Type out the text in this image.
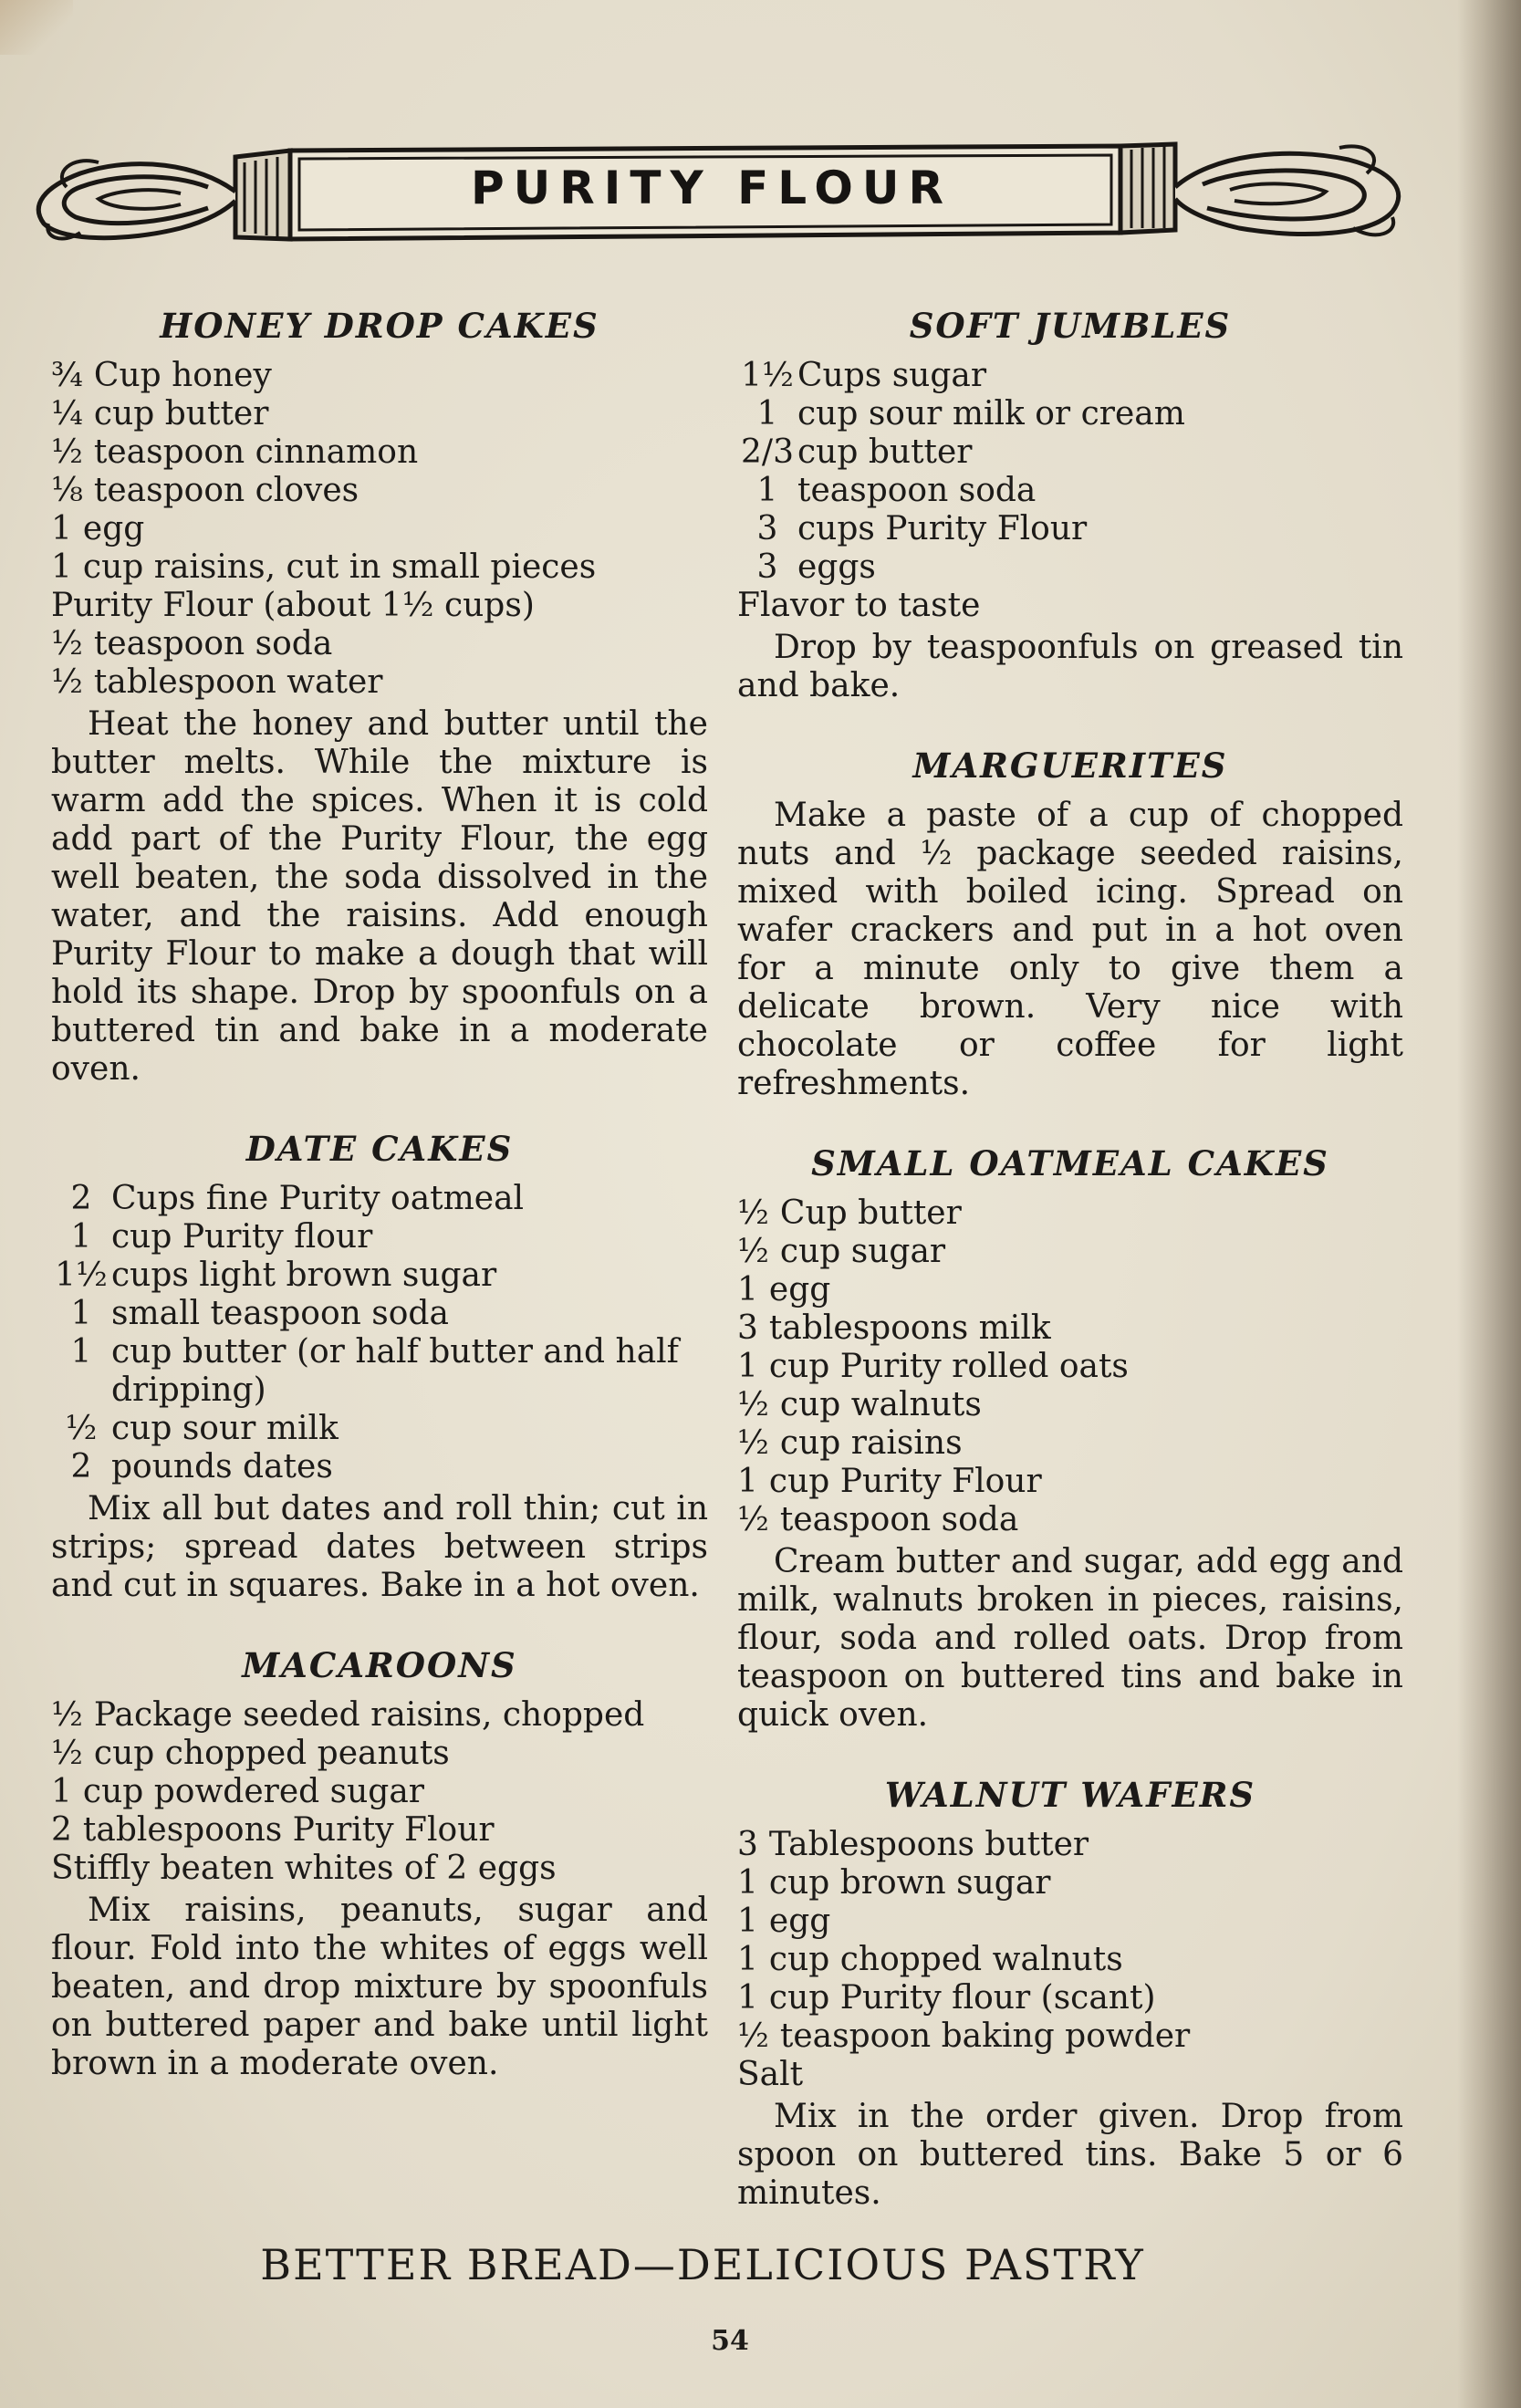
PURITY FLOUR
HONEY DROP CAKES
¾ Cup honey
¼ cup butter
½ teaspoon cinnamon
⅛ teaspoon cloves
1 egg
1 cup raisins, cut in small pieces
Purity Flour (about 1½ cups)
½ teaspoon soda
½ tablespoon water

Heat the honey and butter until the butter melts. While the mixture is warm add the spices. When it is cold add part of the Purity Flour, the egg well beaten, the soda dissolved in the water, and the raisins. Add enough Purity Flour to make a dough that will hold its shape. Drop by spoonfuls on a buttered tin and bake in a moderate oven.

DATE CAKES
2 Cups fine Purity oatmeal
1 cup Purity flour
1½ cups light brown sugar
1 small teaspoon soda
1 cup butter (or half butter and half dripping)
½ cup sour milk
2 pounds dates

Mix all but dates and roll thin; cut in strips; spread dates between strips and cut in squares. Bake in a hot oven.

MACAROONS
½ Package seeded raisins, chopped
½ cup chopped peanuts
1 cup powdered sugar
2 tablespoons Purity Flour
Stiffly beaten whites of 2 eggs

Mix raisins, peanuts, sugar and flour. Fold into the whites of eggs well beaten, and drop mixture by spoonfuls on buttered paper and bake until light brown in a moderate oven.

SOFT JUMBLES
1½ Cups sugar
1 cup sour milk or cream
2/3 cup butter
1 teaspoon soda
3 cups Purity Flour
3 eggs
Flavor to taste

Drop by teaspoonfuls on greased tin and bake.

MARGUERITES

Make a paste of a cup of chopped nuts and ½ package seeded raisins, mixed with boiled icing. Spread on wafer crackers and put in a hot oven for a minute only to give them a delicate brown. Very nice with chocolate or coffee for light refreshments.

SMALL OATMEAL CAKES
½ Cup butter
½ cup sugar
1 egg
3 tablespoons milk
1 cup Purity rolled oats
½ cup walnuts
½ cup raisins
1 cup Purity Flour
½ teaspoon soda

Cream butter and sugar, add egg and milk, walnuts broken in pieces, raisins, flour, soda and rolled oats. Drop from teaspoon on buttered tins and bake in quick oven.

WALNUT WAFERS
3 Tablespoons butter
1 cup brown sugar
1 egg
1 cup chopped walnuts
1 cup Purity flour (scant)
½ teaspoon baking powder
Salt

Mix in the order given. Drop from spoon on buttered tins. Bake 5 or 6 minutes.

BETTER BREAD—DELICIOUS PASTRY
54
